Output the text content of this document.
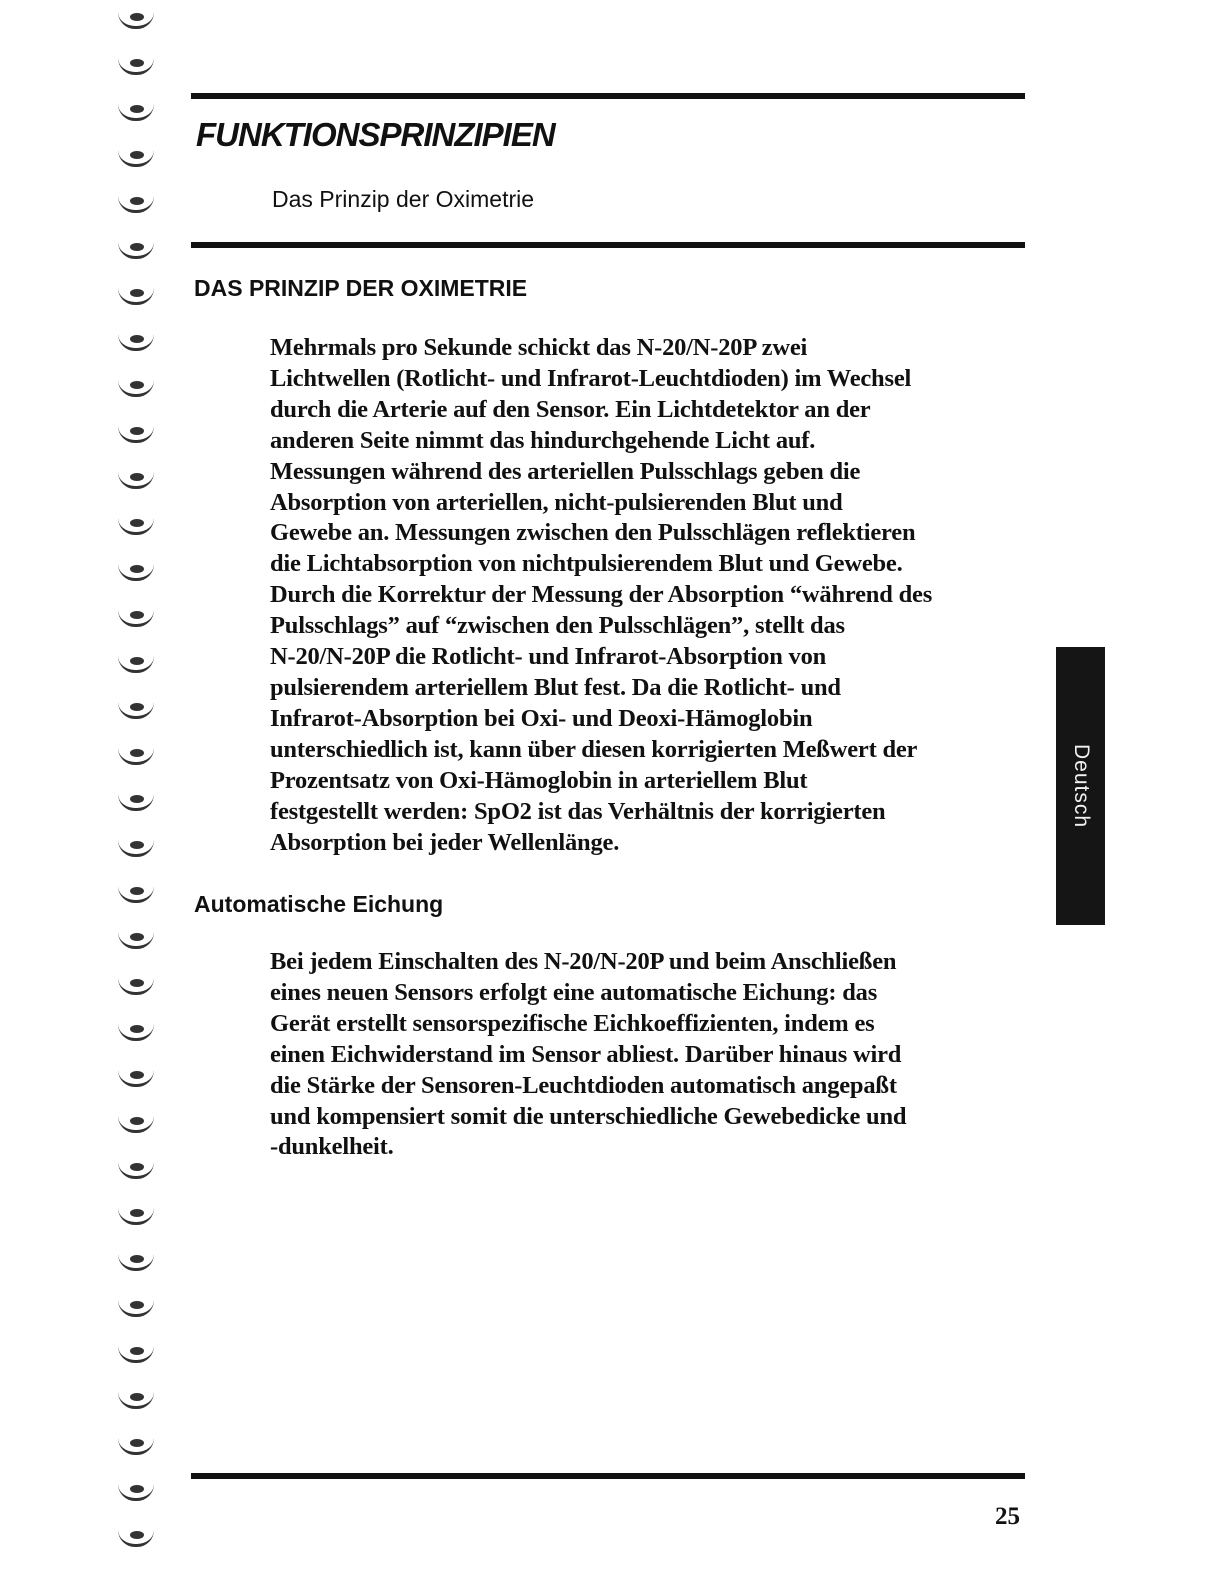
FUNKTIONSPRINZIPIEN
Das Prinzip der Oximetrie
DAS PRINZIP DER OXIMETRIE

Mehrmals pro Sekunde schickt das N-20/N-20P zwei
Lichtwellen (Rotlicht- und Infrarot-Leuchtdioden) im Wechsel
durch die Arterie auf den Sensor. Ein Lichtdetektor an der
anderen Seite nimmt das hindurchgehende Licht auf.
Messungen während des arteriellen Pulsschlags geben die
Absorption von arteriellen, nicht-pulsierenden Blut und
Gewebe an. Messungen zwischen den Pulsschlägen reflektieren
die Lichtabsorption von nichtpulsierendem Blut und Gewebe.
Durch die Korrektur der Messung der Absorption “während des
Pulsschlags” auf “zwischen den Pulsschlägen”, stellt das
N-20/N-20P die Rotlicht- und Infrarot-Absorption von
pulsierendem arteriellem Blut fest. Da die Rotlicht- und
Infrarot-Absorption bei Oxi- und Deoxi-Hämoglobin
unterschiedlich ist, kann über diesen korrigierten Meßwert der
Prozentsatz von Oxi-Hämoglobin in arteriellem Blut
festgestellt werden: SpO2 ist das Verhältnis der korrigierten
Absorption bei jeder Wellenlänge.

Automatische Eichung

Bei jedem Einschalten des N-20/N-20P und beim Anschließen
eines neuen Sensors erfolgt eine automatische Eichung: das
Gerät erstellt sensorspezifische Eichkoeffizienten, indem es
einen Eichwiderstand im Sensor abliest. Darüber hinaus wird
die Stärke der Sensoren-Leuchtdioden automatisch angepaßt
und kompensiert somit die unterschiedliche Gewebedicke und
-dunkelheit.

Deutsch
25
